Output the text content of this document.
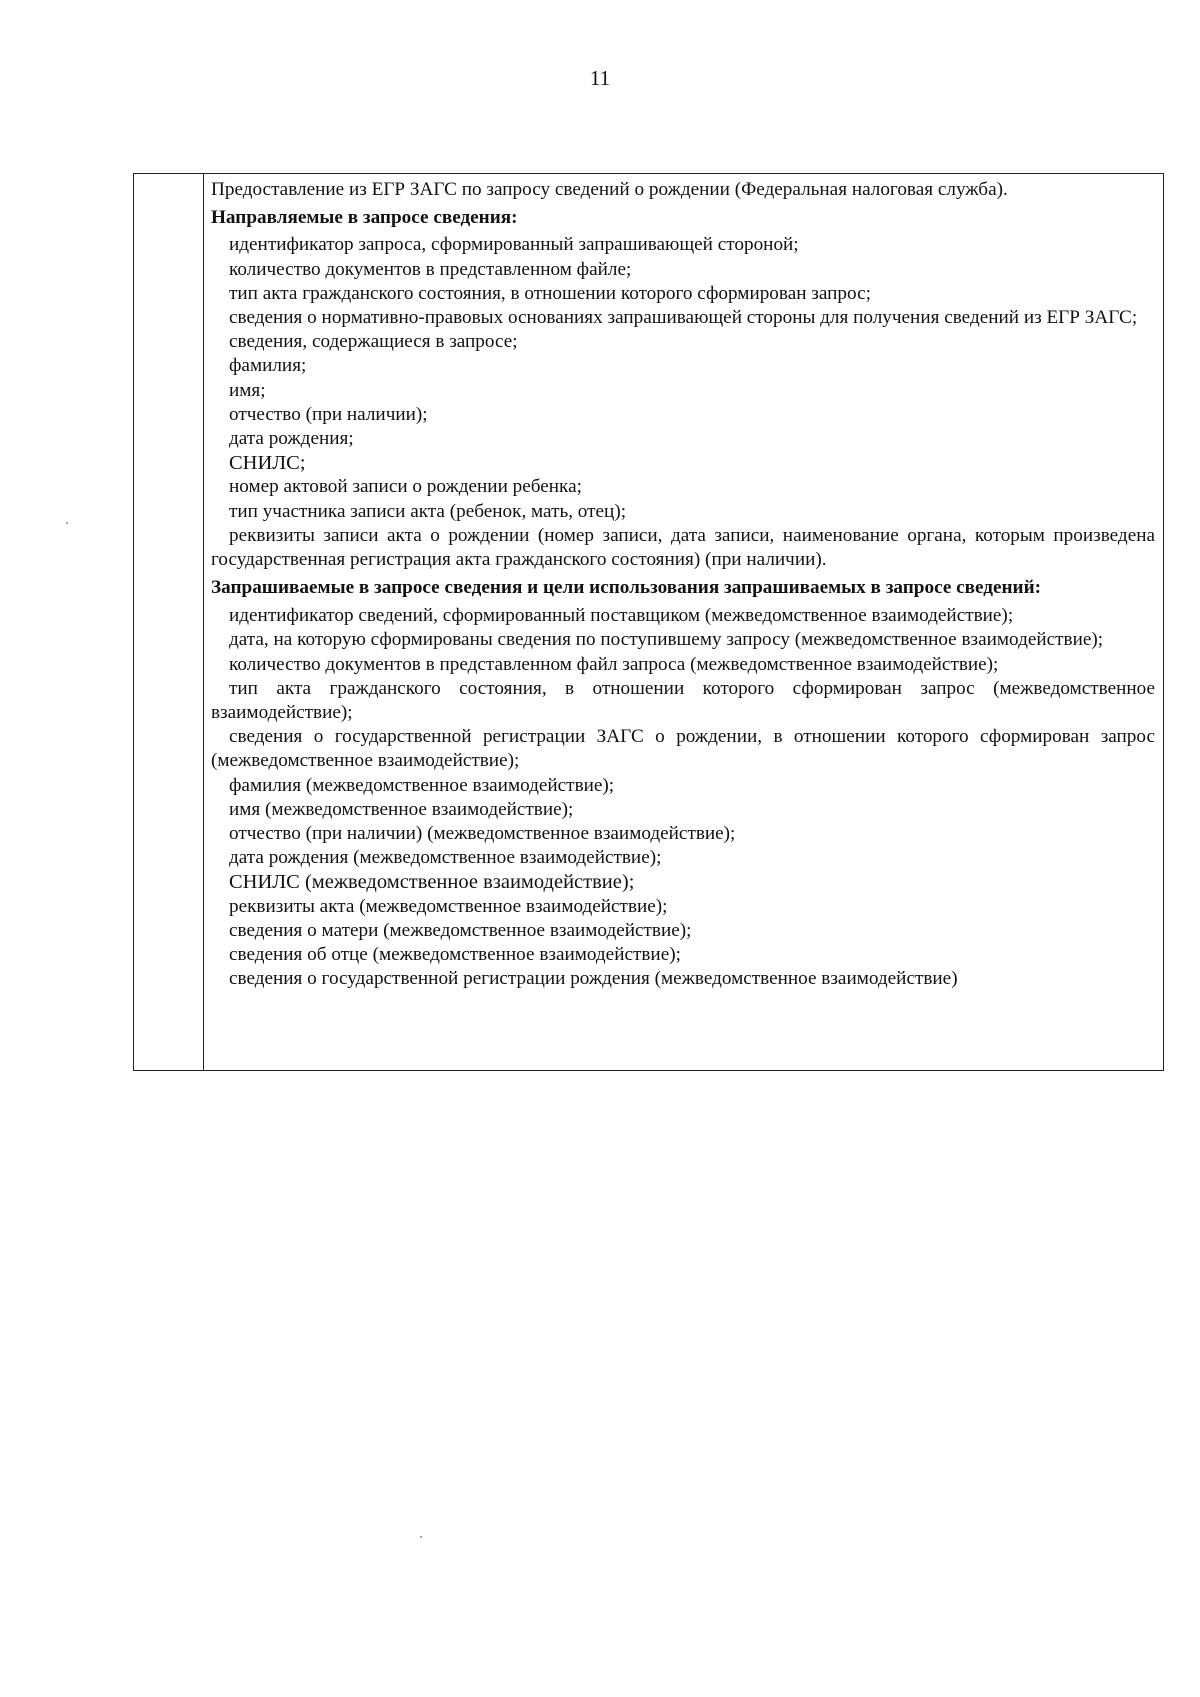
11

Предоставление из ЕГР ЗАГС по запросу сведений о рождении (Федеральная налоговая служба).

Направляемые в запросе сведения:

идентификатор запроса, сформированный запрашивающей стороной;

количество документов в представленном файле;

тип акта гражданского состояния, в отношении которого сформирован запрос;

сведения о нормативно-правовых основаниях запрашивающей стороны для получения сведений из ЕГР ЗАГС;

сведения, содержащиеся в запросе;

фамилия;

имя;

отчество (при наличии);

дата рождения;

СНИЛС;

номер актовой записи о рождении ребенка;

тип участника записи акта (ребенок, мать, отец);

реквизиты записи акта о рождении (номер записи, дата записи, наименование органа, которым произведена государственная регистрация акта гражданского состояния) (при наличии).

Запрашиваемые в запросе сведения и цели использования запрашиваемых в запросе сведений:

идентификатор сведений, сформированный поставщиком (межведомственное взаимодействие);

дата, на которую сформированы сведения по поступившему запросу (межведомственное взаимодействие);

количество документов в представленном файл запроса (межведомственное взаимодействие);

тип акта гражданского состояния, в отношении которого сформирован запрос (межведомственное взаимодействие);

сведения о государственной регистрации ЗАГС о рождении, в отношении которого сформирован запрос (межведомственное взаимодействие);

фамилия (межведомственное взаимодействие);

имя (межведомственное взаимодействие);

отчество (при наличии) (межведомственное взаимодействие);

дата рождения (межведомственное взаимодействие);

СНИЛС (межведомственное взаимодействие);

реквизиты акта (межведомственное взаимодействие);

сведения о матери (межведомственное взаимодействие);

сведения об отце (межведомственное взаимодействие);

сведения о государственной регистрации рождения (межведомственное взаимодействие)
